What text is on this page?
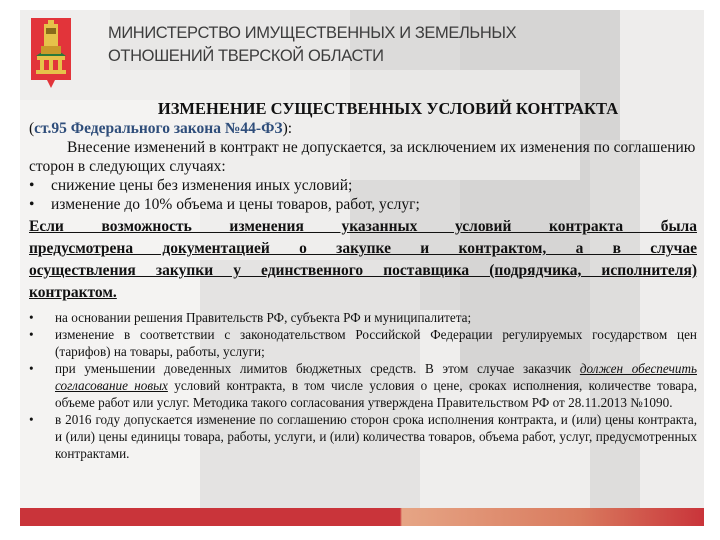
МИНИСТЕРСТВО ИМУЩЕСТВЕННЫХ И ЗЕМЕЛЬНЫХ
ОТНОШЕНИЙ ТВЕРСКОЙ ОБЛАСТИ

ИЗМЕНЕНИЕ СУЩЕСТВЕННЫХ УСЛОВИЙ КОНТРАКТА

(ст.95 Федерального закона №44-ФЗ):

Внесение изменений в контракт не допускается, за исключением их изменения по соглашению сторон в следующих случаях:

•	снижение цены без изменения иных условий;
•	изменение до 10% объема и цены товаров, работ, услуг;

Если возможность изменения указанных условий контракта была предусмотрена документацией о закупке и контрактом, а в случае осуществления закупки у единственного поставщика (подрядчика, исполнителя) контрактом.

•	на основании решения Правительств РФ, субъекта РФ и муниципалитета;
•	изменение в соответствии с законодательством Российской Федерации регулируемых государством цен (тарифов) на товары, работы, услуги;
•	при уменьшении доведенных лимитов бюджетных средств. В этом случае заказчик должен обеспечить согласование новых условий контракта, в том числе условия о цене, сроках исполнения, количестве товара, объеме работ или услуг. Методика такого согласования утверждена Правительством РФ от 28.11.2013 №1090.
•	в 2016 году допускается изменение по соглашению сторон срока исполнения контракта, и (или) цены контракта, и (или) цены единицы товара, работы, услуги, и (или) количества товаров, объема работ, услуг, предусмотренных контрактами.
